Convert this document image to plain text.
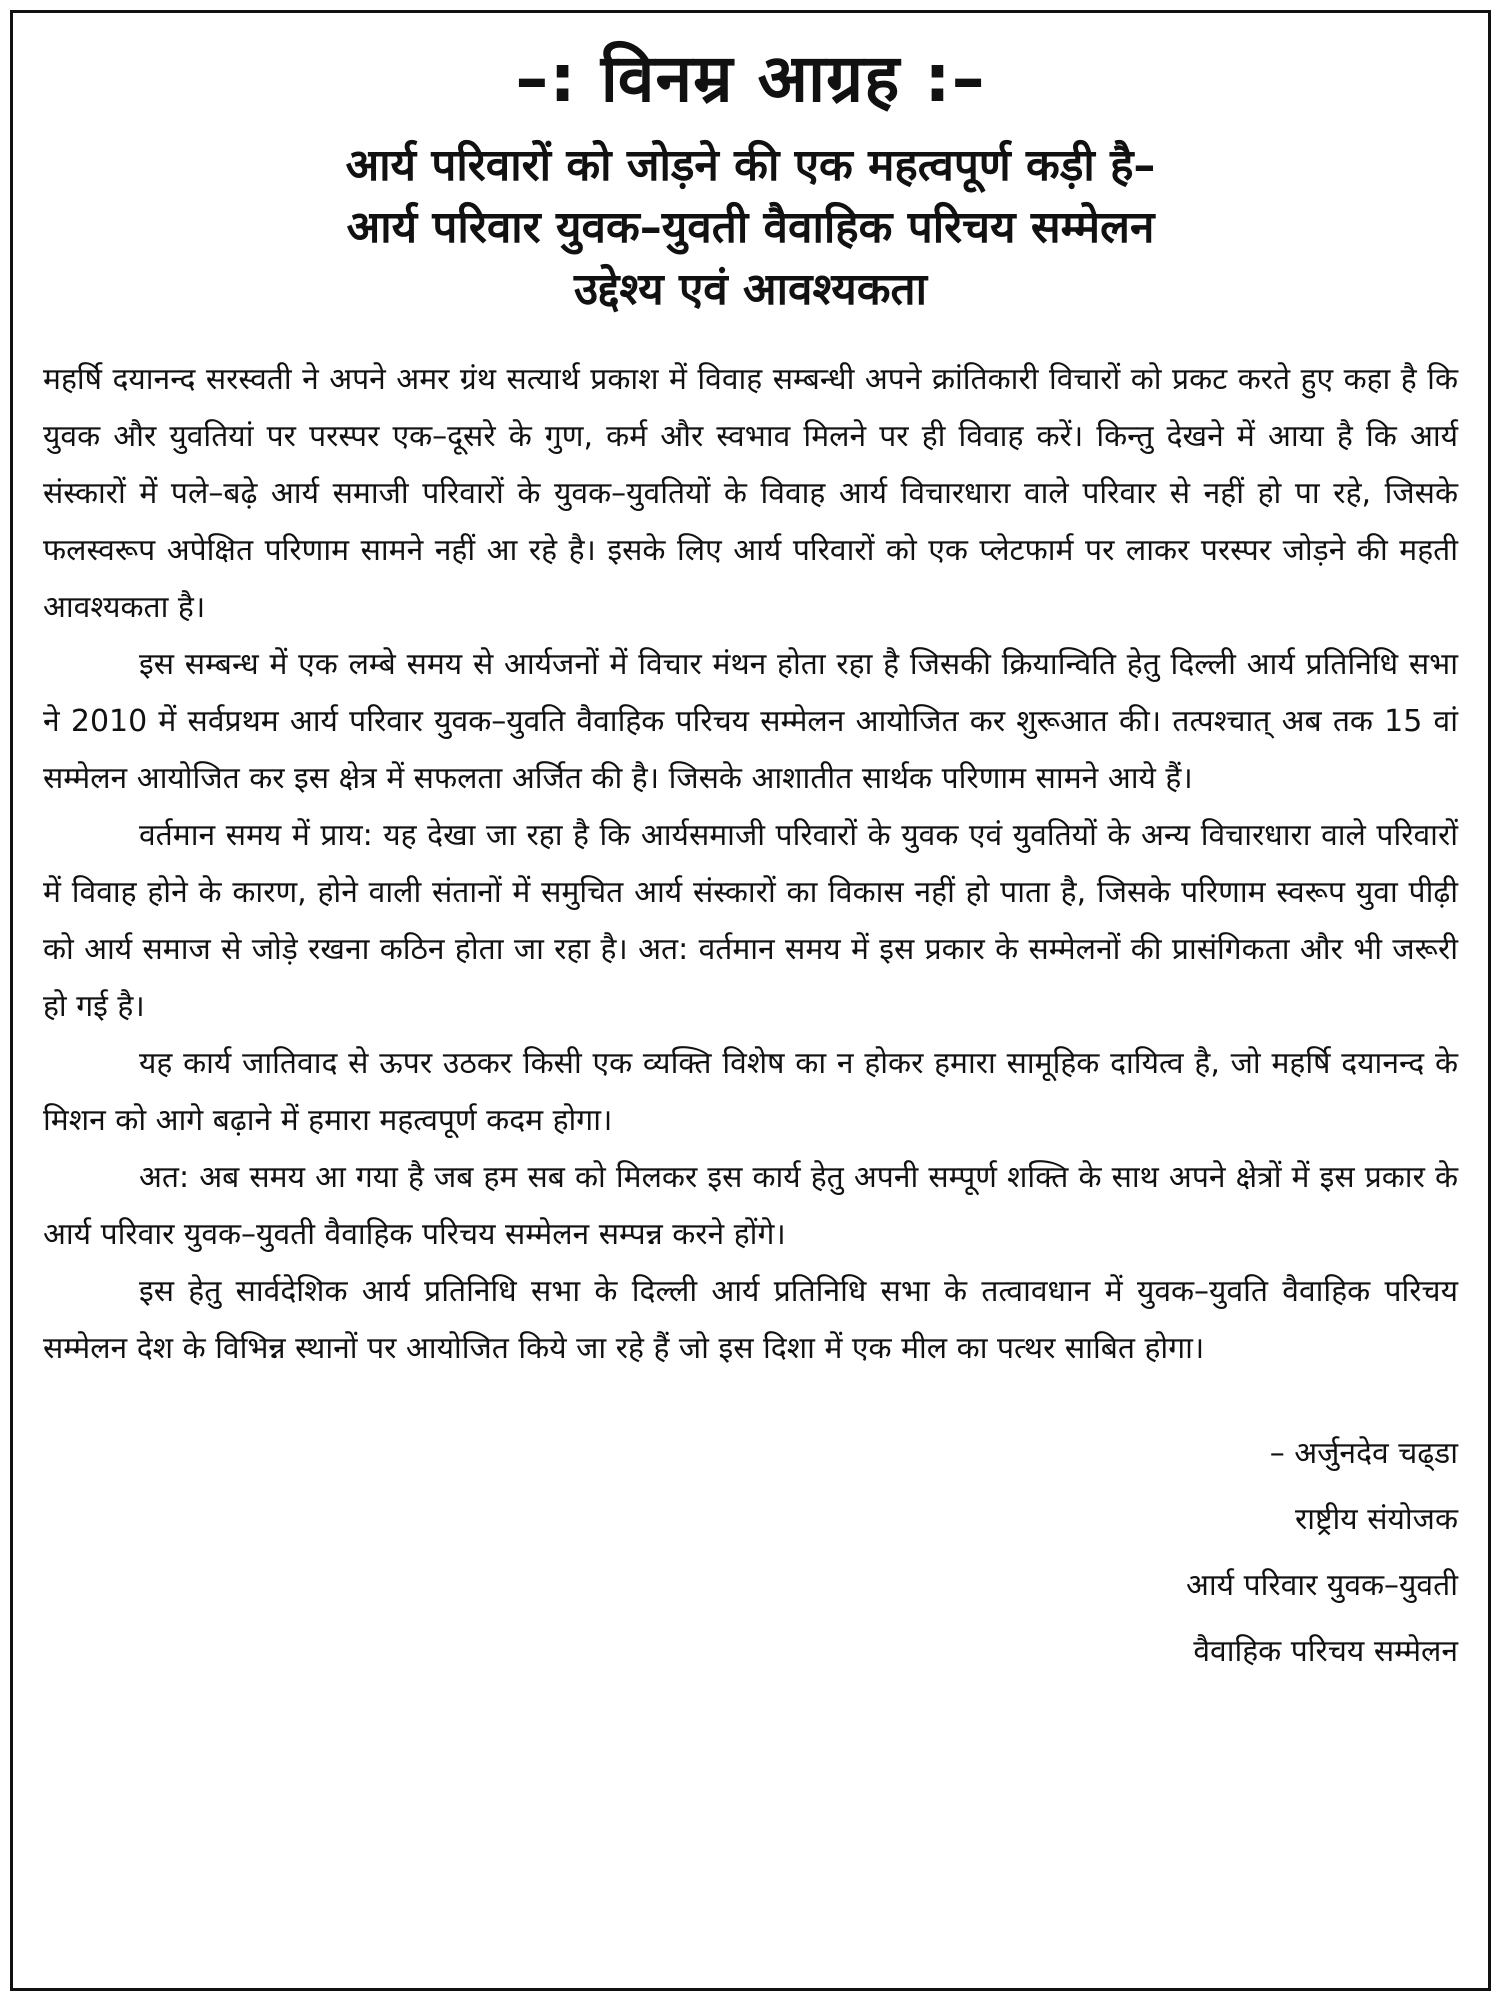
–: विनम्र आग्रह :–
आर्य परिवारों को जोड़ने की एक महत्वपूर्ण कड़ी है–
आर्य परिवार युवक–युवती वैवाहिक परिचय सम्मेलन
उद्देश्य एवं आवश्यकता

महर्षि दयानन्द सरस्वती ने अपने अमर ग्रंथ सत्यार्थ प्रकाश में विवाह सम्बन्धी अपने क्रांतिकारी विचारों को प्रकट करते हुए कहा है कि युवक और युवतियां पर परस्पर एक–दूसरे के गुण, कर्म और स्वभाव मिलने पर ही विवाह करें। किन्तु देखने में आया है कि आर्य संस्कारों में पले–बढ़े आर्य समाजी परिवारों के युवक–युवतियों के विवाह आर्य विचारधारा वाले परिवार से नहीं हो पा रहे, जिसके फलस्वरूप अपेक्षित परिणाम सामने नहीं आ रहे है। इसके लिए आर्य परिवारों को एक प्लेटफार्म पर लाकर परस्पर जोड़ने की महती आवश्यकता है।

इस सम्बन्ध में एक लम्बे समय से आर्यजनों में विचार मंथन होता रहा है जिसकी क्रियान्विति हेतु दिल्ली आर्य प्रतिनिधि सभा ने 2010 में सर्वप्रथम आर्य परिवार युवक–युवति वैवाहिक परिचय सम्मेलन आयोजित कर शुरूआत की। तत्पश्चात् अब तक 15 वां सम्मेलन आयोजित कर इस क्षेत्र में सफलता अर्जित की है। जिसके आशातीत सार्थक परिणाम सामने आये हैं।

वर्तमान समय में प्राय: यह देखा जा रहा है कि आर्यसमाजी परिवारों के युवक एवं युवतियों के अन्य विचारधारा वाले परिवारों में विवाह होने के कारण, होने वाली संतानों में समुचित आर्य संस्कारों का विकास नहीं हो पाता है, जिसके परिणाम स्वरूप युवा पीढ़ी को आर्य समाज से जोड़े रखना कठिन होता जा रहा है। अत: वर्तमान समय में इस प्रकार के सम्मेलनों की प्रासंगिकता और भी जरूरी हो गई है।

यह कार्य जातिवाद से ऊपर उठकर किसी एक व्यक्ति विशेष का न होकर हमारा सामूहिक दायित्व है, जो महर्षि दयानन्द के मिशन को आगे बढ़ाने में हमारा महत्वपूर्ण कदम होगा।

अत: अब समय आ गया है जब हम सब को मिलकर इस कार्य हेतु अपनी सम्पूर्ण शक्ति के साथ अपने क्षेत्रों में इस प्रकार के आर्य परिवार युवक–युवती वैवाहिक परिचय सम्मेलन सम्पन्न करने होंगे।

इस हेतु सार्वदेशिक आर्य प्रतिनिधि सभा के दिल्ली आर्य प्रतिनिधि सभा के तत्वावधान में युवक–युवति वैवाहिक परिचय सम्मेलन देश के विभिन्न स्थानों पर आयोजित किये जा रहे हैं जो इस दिशा में एक मील का पत्थर साबित होगा।

– अर्जुनदेव चढ्डा
राष्ट्रीय संयोजक
आर्य परिवार युवक–युवती
वैवाहिक परिचय सम्मेलन
